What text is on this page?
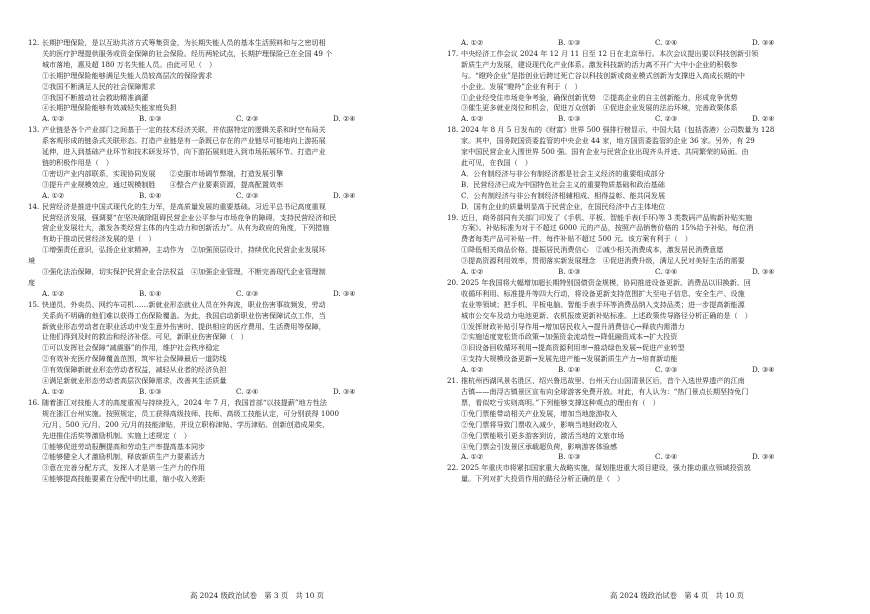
12. 长期护理保险，是以互助共济方式筹集资金，为长期失能人员的基本生活照料和与之密切相

关的医疗护理提供服务或资金保障的社会保险。经历两轮试点，长期护理保险已在全国 49 个

城市落地，惠及超 180 万名失能人员。由此可见（　）

①长期护理保险能够满足失能人员较高层次的保险需求

②我国不断满足人民的社会保障需求

③我国不断推动社会救助精准滴灌

④长期护理保险能够有效减轻失能家庭负担

A. ①②	B. ①③	C. ②③	D. ②④

13. 产业链是各个产业部门之间基于一定的技术经济关联，并依据特定的逻辑关系和时空布局关

系客观形成的链条式关联形态。打造产业链是有一条既已存在的产业链尽可能地向上游拓展

延伸，进入到基础产业环节和技术研发环节，向下游拓展则进入到市场拓展环节。打造产业

链的积极作用是（　）

①密切产业内部联系，实现协同发展　　②克服市场调节弊端，打造发展引擎

③提升产业规模效应，通过规模制胜　　④整合产业要素资源，提高配置效率

A. ①②	B. ①④	C. ②③	D. ③④

14. 民营经济是推进中国式现代化的生力军，是高质量发展的重要基础。习近平总书记高度重视

民营经济发展，强调要“在坚决破除阻碍民营企业公平参与市场竞争的障碍，支持民营经济和民

营企业发展壮大，激发各类经营主体的内生动力和创新活力”。从有为政府的角度，下列措施

有助于推动民营经济发展的是（　）

①增强责任意识，弘扬企业家精神，主动作为　②加强顶层设计，持续优化民营企业发展环

境

③强化法治保障，切实保护民营企业合法权益　④加强企业管理，不断完善现代企业管理制

度

A. ①②	B. ①④	C. ②③	D. ③④

15. 快递员、外卖员、网约车司机……新就业形态就业人员在外奔波，职业伤害事故频发，劳动

关系尚不明确的他们难以获得工伤保险覆盖。为此，我国启动新职业伤害保障试点工作，当

新就业形态劳动者在职业活动中发生意外伤害时，提供相应的医疗费用、生活费用等保障，

让他们得到及时的救治和经济补偿。可见，新职业伤害保障（　）

①可以发挥社会保障“减震器”的作用，维护社会秩序稳定

②有效补充医疗保障覆盖范围，筑牢社会保障最后一道防线

③有效保障新就业形态劳动者权益，减轻从业者的经济负担

④满足新就业形态劳动者高层次保障需求，改善其生活质量

A. ①②	B. ①③	C. ②④	D. ③④

16. 随着浙江对技能人才的高度重视与持续投入，2024 年 7 月，我国首部“以技提薪”地方性法

规在浙江台州实施。按照规定，员工获得高级技师、技师、高级工技能认定，可分别获得 1000

元/月、500 元/月、200 元/月的技能津贴，并设立职称津贴、学历津贴、创新创造成果奖、

先进推住活奖等激励机制。实施上述规定（　）

①能够促进劳动报酬提高和劳动生产率提高基本同步

②能够健全人才激励机制，释放新质生产力要素活力

③意在完善分配方式，发挥人才是第一生产力的作用

④能够提高技能要素在分配中的比重，缩小收入差距

A. ①②	B. ①③	C. ②④	D. ③④

17. 中央经济工作会议 2024 年 12 月 11 日至 12 日在北京举行。本次会议提出要以科技创新引领

新质生产力发展，建设现代化产业体系。激发科技新的活力离不开广大中小企业的积极参

与。“瞪羚企业”是指创业后跨过死亡谷以科技创新或商业模式创新为支撑进入高成长期的中

小企业。发展“瞪羚”企业有利于（　）

①企业经受住市场竞争考验，确保创新优势　②提高企业的自主创新能力，形成竞争优势

③催生更多就业岗位和机会，促进万众创新　④促进企业发展的法治环境，完善政策体系

A. ①②	B. ①③	C. ②③	D. ②④

18. 2024 年 8 月 5 日发布的《财富》世界 500 强排行榜显示，中国大陆（包括香港）公司数量为 128

家。其中，国务院国资委监管的中央企业 44 家，地方国资委监管的企业 36 家。另外，有 29

家中国民营企业入围世界 500 强。国有企业与民营企业出现齐头并进、共同繁荣的局面。由

此可见，在我国（　）

A．公有制经济与非公有制经济都是社会主义经济的重要组成部分

B．民营经济已成为中国特色社会主义的重要物质基础和政治基础

C．公有制经济与非公有制经济相辅相成、相得益彰、能共同发展

D．国有企业的质量明显高于民营企业，在国民经济中占主体地位

19. 近日，商务部同有关部门印发了《手机、平板、智能手表(手环)等 3 类数码产品购新补贴实施

方案》。补贴标准为对于不超过 6000 元的产品，按照产品销售价格的 15%给予补贴，每位消

费者每类产品可补贴一件，每件补贴不超过 500 元。该方案有利于（　）

①降低相关商品价格，提振居民消费信心　②减少相关消费成本，激发居民消费意愿

③提高资源利用效率，贯彻落实新发展理念　④促进消费升级，满足人民对美好生活的需要

A. ①②	B. ①③	C. ②④	D. ③④

20. 2025 年我国将大幅增加超长期特别国债资金规模，协同推进设备更新、消费品以旧换新、回

收循环利用、标准提升等四大行动，将设备更新支持范围扩大至电子信息、安全生产、设施

农业等领域；把手机、平板电脑、智能手表手环等消费品纳入支持品类；进一步提高新能源

城市公交车及动力电池更新、农机报废更新补贴标准。上述政策传导路径分析正确的是（　）

①发挥财政补贴引导作用→增加居民收入→提升消费信心→释放内需潜力

②实施适度宽松货币政策→加强资金流动性→降低融资成本→扩大投资

③旧设备回收循环利用→提高资源利用率→推动绿色发展→促进产业转型

④支持大规模设备更新→发展先进产能→发展新质生产力→培育新动能

A. ①②	B. ①④	C. ②③	D. ③④

21. 推杭州西湖风景名胜区、绍兴鲁迅故里、台州天台山国清景区后，首个入选世界遗产的江南

古镇——南浔古镇景区宣布向全球游客免费开放。对此，有人认为：“热门景点长期坚持免门

票，看似吃亏实则高明。”下列能够支撑这种观点的理由有（　）

①免门票能带动相关产业发展，增加当地旅游收入

②免门票将导致门票收入减少，影响当地财政收入

③免门票能吸引更多游客到访，激活当地的文旅市场

④免门票会引发景区承载超负荷，影响游客体验感

A. ①②	B. ①③	C. ②④	D. ③④

22. 2025 年重庆市将紧扣国家重大战略实施，谋划推进重大项目建设，强力推动重点领域投资放

量。下列对扩大投资作用的路径分析正确的是（　）

高 2024 级政治试卷　第 3 页　共 10 页	高 2024 级政治试卷　第 4 页　共 10 页
